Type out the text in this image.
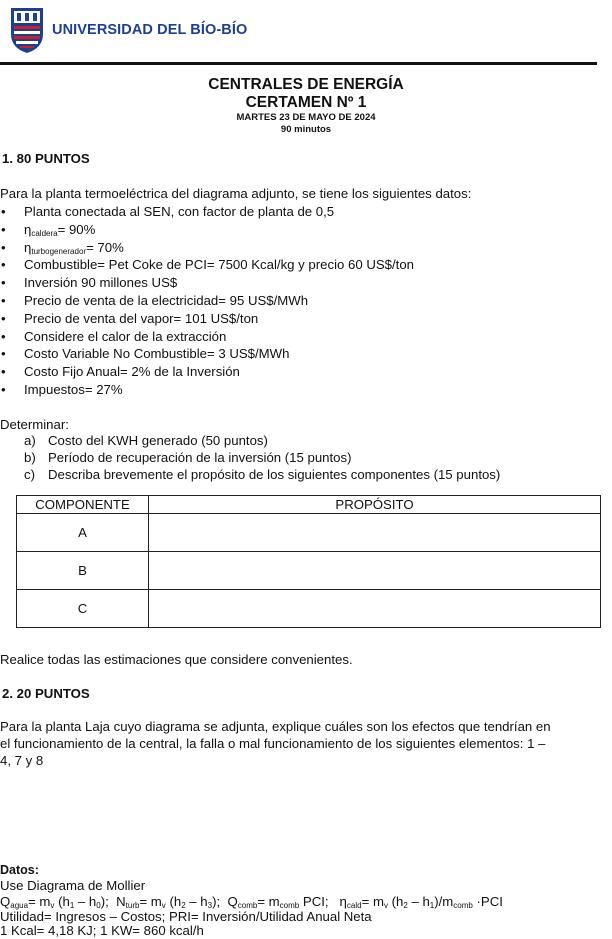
UNIVERSIDAD DEL BÍO-BÍO
CENTRALES DE ENERGÍA
CERTAMEN Nº 1
MARTES 23 DE MAYO DE 2024
90 minutos
1. 80 PUNTOS
Para la planta termoeléctrica del diagrama adjunto, se tiene los siguientes datos:
• Planta conectada al SEN, con factor de planta de 0,5
• $\eta_{caldera}= 90\%$
• $\eta_{turbogenerador}= 70\%$
• Combustible= Pet Coke de PCI= 7500 Kcal/kg y precio 60 US$/ton
• Inversión 90 millones US$
• Precio de venta de la electricidad= 95 US$/MWh
• Precio de venta del vapor= 101 US$/ton
• Considere el calor de la extracción
• Costo Variable No Combustible= 3 US$/MWh
• Costo Fijo Anual= 2% de la Inversión
• Impuestos= 27%
Determinar:
a) Costo del KWH generado (50 puntos)
b) Período de recuperación de la inversión (15 puntos)
c) Describa brevemente el propósito de los siguientes componentes (15 puntos)
COMPONENTE	PROPÓSITO
A	
B	
C	
Realice todas las estimaciones que considere convenientes.
2. 20 PUNTOS
Para la planta Laja cuyo diagrama se adjunta, explique cuáles son los efectos que tendrían en
el funcionamiento de la central, la falla o mal funcionamiento de los siguientes elementos: 1 –
4, 7 y 8
Datos:
Use Diagrama de Mollier
$Q_{agua}= m_v$ $(h_1 - h_0)$; $N_{turb}= m_v$ $(h_2 - h_3)$; $Q_{comb}= m_{comb}$ PCI; $\eta_{cald}= m_v$ $(h_2 - h_1)/m_{comb} \cdot PCI$
Utilidad= Ingresos – Costos; PRI= Inversión/Utilidad Anual Neta
1 Kcal= 4,18 KJ; 1 KW= 860 kcal/h
